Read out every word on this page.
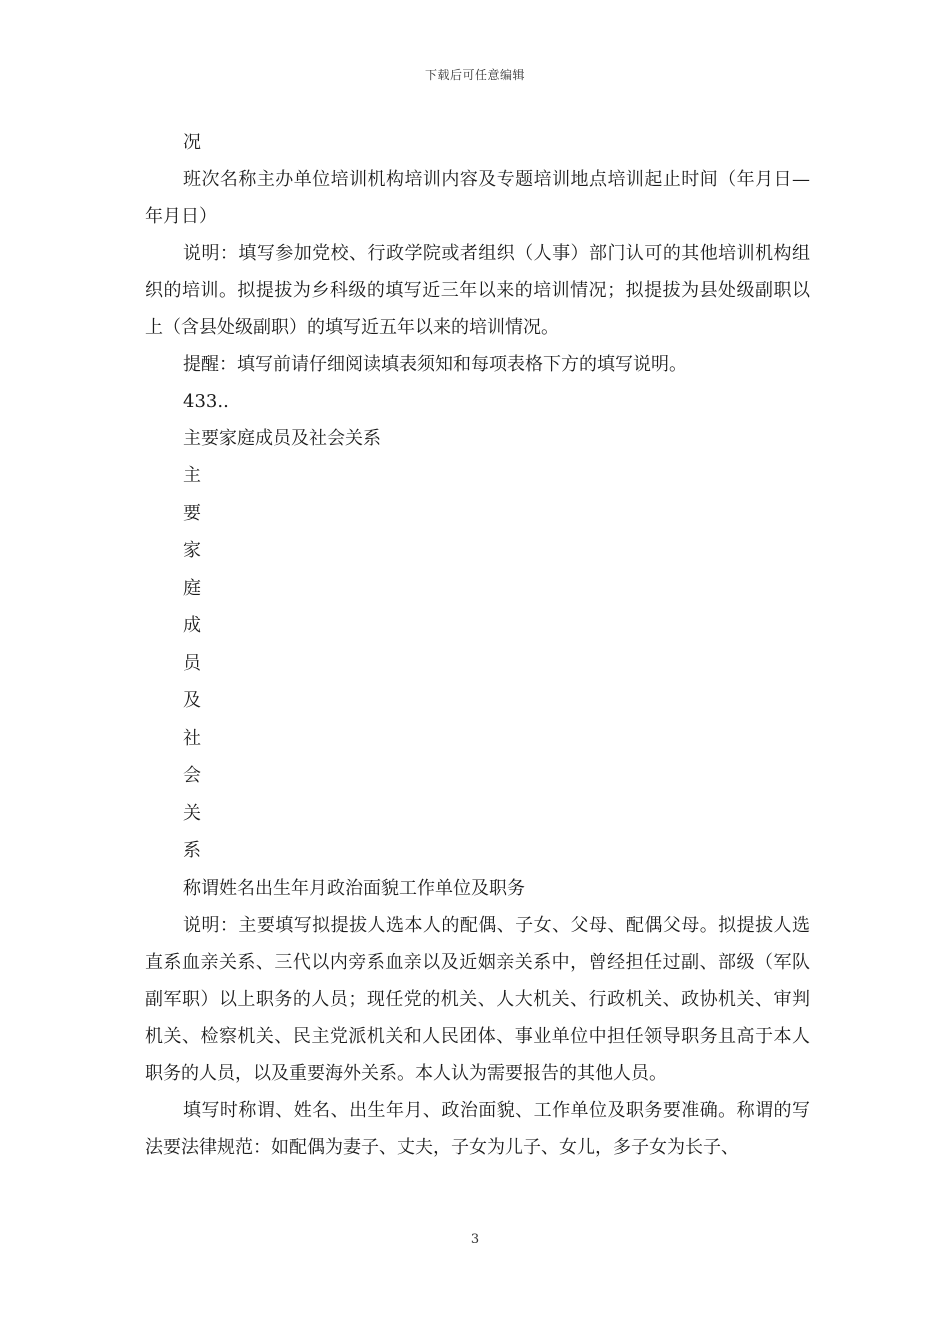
下载后可任意编辑

况

班次名称主办单位培训机构培训内容及专题培训地点培训起止时间（年月日—年月日）

说明：填写参加党校、行政学院或者组织（人事）部门认可的其他培训机构组织的培训。拟提拔为乡科级的填写近三年以来的培训情况；拟提拔为县处级副职以上（含县处级副职）的填写近五年以来的培训情况。

提醒：填写前请仔细阅读填表须知和每项表格下方的填写说明。

433..

主要家庭成员及社会关系

主

要

家

庭

成

员

及

社

会

关

系

称谓姓名出生年月政治面貌工作单位及职务

说明：主要填写拟提拔人选本人的配偶、子女、父母、配偶父母。拟提拔人选直系血亲关系、三代以内旁系血亲以及近姻亲关系中，曾经担任过副、部级（军队副军职）以上职务的人员；现任党的机关、人大机关、行政机关、政协机关、审判机关、检察机关、民主党派机关和人民团体、事业单位中担任领导职务且高于本人职务的人员，以及重要海外关系。本人认为需要报告的其他人员。

填写时称谓、姓名、出生年月、政治面貌、工作单位及职务要准确。称谓的写法要法律规范：如配偶为妻子、丈夫，子女为儿子、女儿，多子女为长子、

3
